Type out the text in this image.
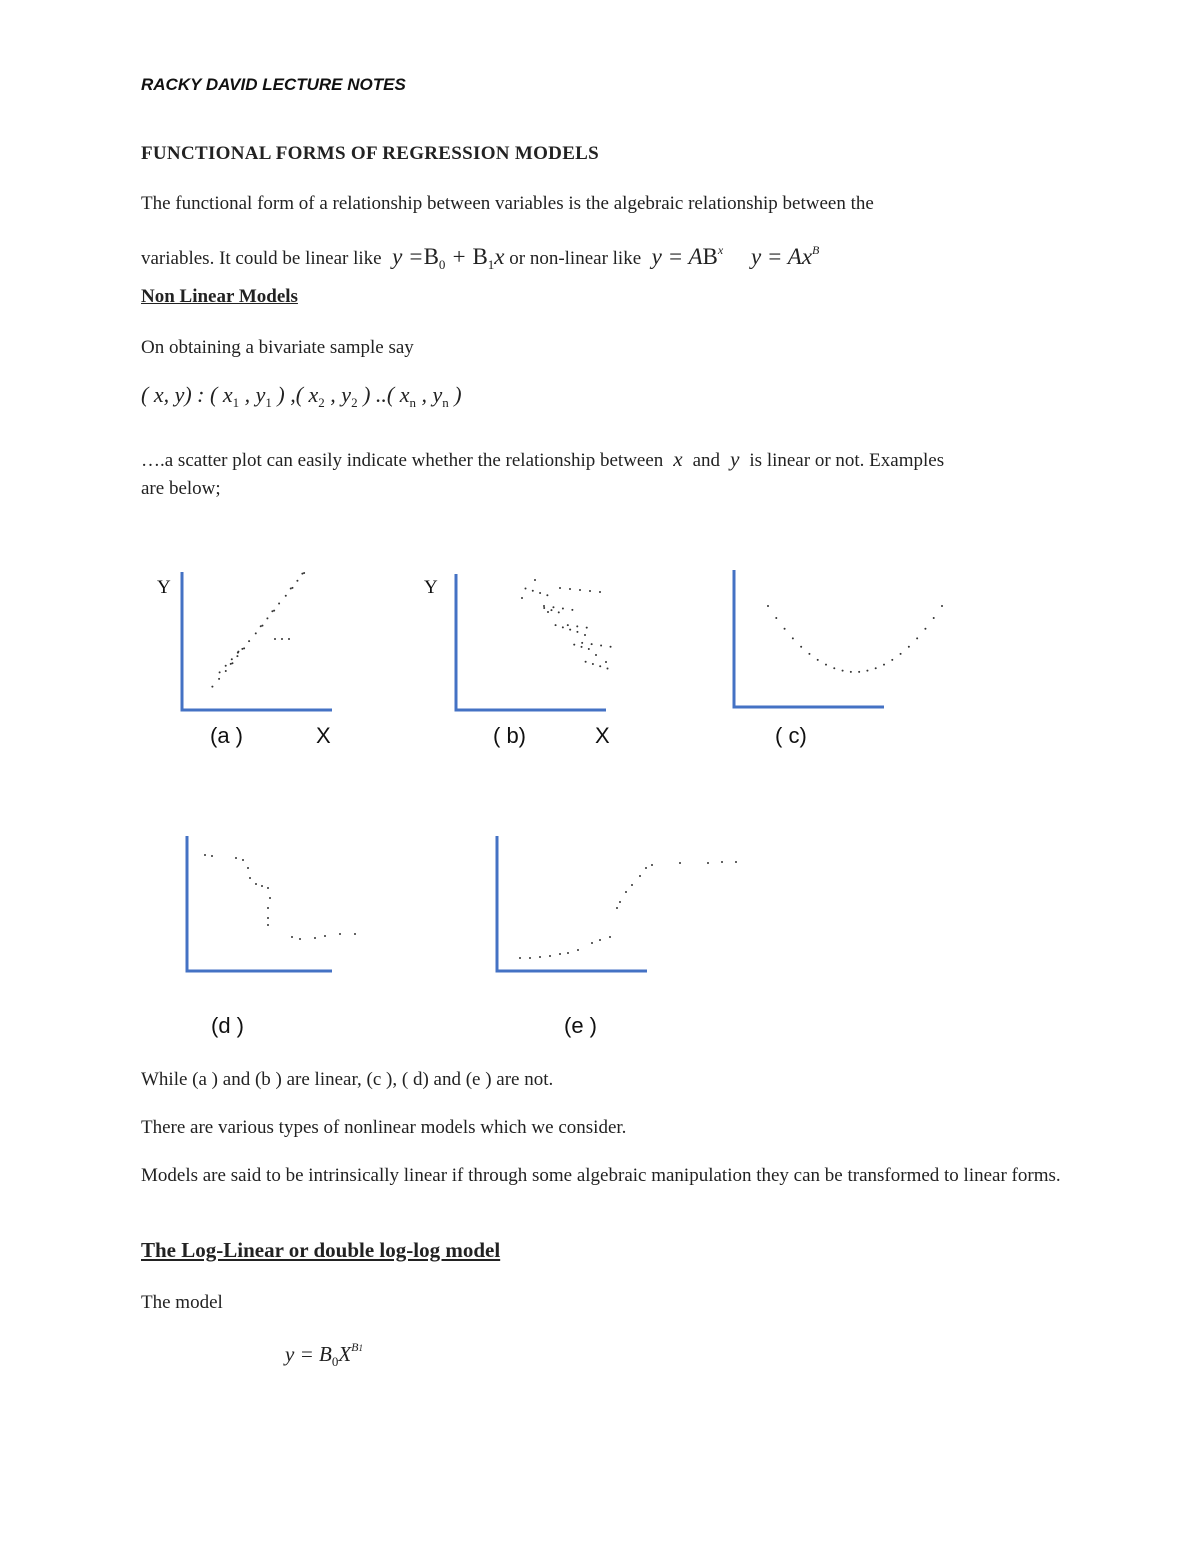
RACKY DAVID LECTURE NOTES
FUNCTIONAL FORMS OF REGRESSION MODELS
The functional form of a relationship between variables is the algebraic relationship between the
variables. It could be linear like  $y =B_0 + B_1x$ or non-linear like  $y = AB^x$     $y = Ax^B$
Non Linear Models
On obtaining a bivariate sample say
( x, y) : ( $x_1$ , $y_1$ ) ,( $x_2$ , $y_2$ ) ..( $x_n$ , $y_n$ )
….a scatter plot can easily indicate whether the relationship between  x  and  y  is linear or not. Examples
are below;
Y
X
(a )
Y
X
( b)	( c)
(d )	(e )
While (a ) and (b ) are linear, (c ), ( d) and (e ) are not.
There are various types of nonlinear models which we consider.
Models are said to be intrinsically linear if through some algebraic manipulation they can be transformed to linear forms.
The Log-Linear or double log-log model
The model
$y = B_0X^{B1}$
